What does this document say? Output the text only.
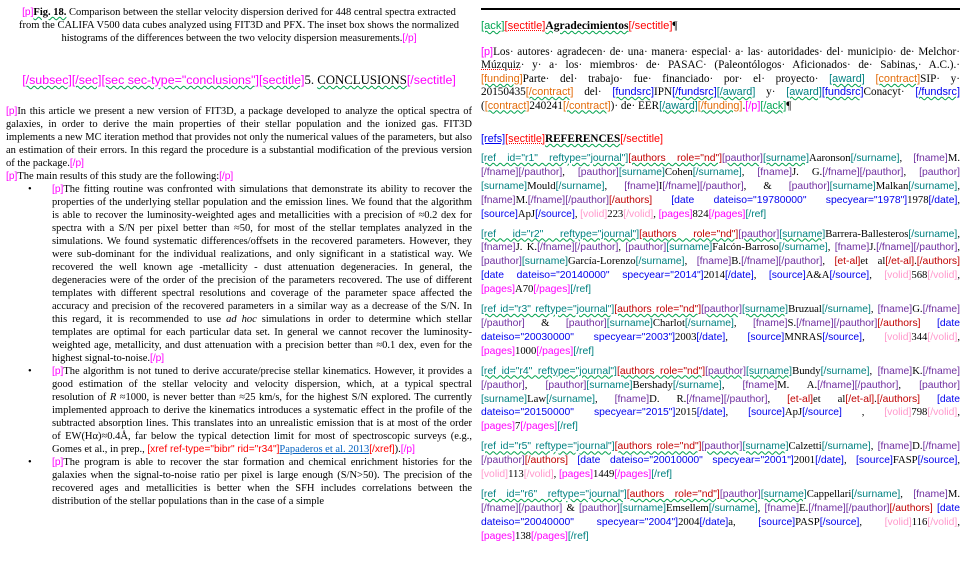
[p]Fig. 18. Comparison between the stellar velocity dispersion derived for 448 central spectra extracted from the CALIFA V500 data cubes analyzed using FIT3D and PFX. The inset box shows the normalized histograms of the differences between the two velocity dispersion measurements.[/p]

[/subsec][/sec][sec sec-type="conclusions"][sectitle]5. CONCLUSIONS[/sectitle]

[p]In this article we present a new version of FIT3D, a package developed to analyze the optical spectra of galaxies, in order to derive the main properties of their stellar population and the ionized gas. FIT3D implements a new MC iteration method that provides not only the numerical values of the parameters, but also an estimation of their errors. In this regard the procedure is a substantial modification of the previous version of the package.[/p]

[p]The main results of this study are the following:[/p]

•	[p]The fitting routine was confronted with simulations that demonstrate its ability to recover the properties of the underlying stellar population and the emission lines. We found that the algorithm is able to recover the luminosity-weighted ages and metallicities with a precision of ≈0.2 dex for spectra with a S/N per pixel better than ≈50, for most of the stellar templates analyzed in the simulations. We found systematic differences/offsets in the recovered parameters. However, they were sub-dominant for the individual realizations, and only significant in a statistical way. We recovered the well known age -metallicity - dust attenuation degeneracies. In general, the degeneracies were of the order of the precision of the parameters recovered. The use of different templates with different spectral resolutions and coverage of the parameter space affected the accuracy and precision of the recovered parameters in a similar way as a decrease of the S/N. In this regard, it is recommended to use ad hoc simulations in order to determine which stellar templates are optimal for each particular data set. In general we cannot recover the luminosity-weighted age, metallicity, and dust attenuation with a precision better than ≈0.1 dex, even for the highest signal-to-noise.[/p]

•	[p]The algorithm is not tuned to derive accurate/precise stellar kinematics. However, it provides a good estimation of the stellar velocity and velocity dispersion, which, at a typical spectral resolution of R ≈1000, is never better than ≈25 km/s, for the highest S/N explored. The currently implemented approach to derive the kinematics introduces a systematic effect in the profile of the subtracted absorption lines. This translates into an unrealistic emission that is at most of the order of EW(Hα)≈0.4Å, far below the typical detection limit for most of spectroscopic surveys (e.g., Gomes et al., in prep., [xref ref-type="bibr" rid="r34"]Papaderos et al. 2013[/xref]).[/p]

•	[p]The program is able to recover the star formation and chemical enrichment histories for the galaxies when the signal-to-noise ratio per pixel is large enough (S/N>50). The precision of the recovered ages and metallicities is better when the SFH includes correlations between the distribution of the stellar populations than in the case of a simple

[ack][sectitle]Agradecimientos[/sectitle]¶

[p]Los· autores· agradecen· de· una· manera· especial· a· las· autoridades· del· municipio· de· Melchor· Múzquiz· y· a· los· miembros· de· PASAC· (Paleontólogos· Aficionados· de· Sabinas,· A.C.).· [funding]Parte· del· trabajo· fue· financiado· por· el· proyecto· [award] [contract]SIP· y· 20150435[/contract] del· [fundsrc]IPN[/fundsrc][/award] y· [award][fundsrc]Conacyt· [/fundsrc]([contract]240241[/contract])· de· EER[/award][/funding].[/p][/ack]¶

[refs][sectitle]REFERENCES[/sectitle]

[ref id="r1" reftype="journal"][authors role="nd"][pauthor][surname]Aaronson[/surname], [fname]M.[/fname][/pauthor], [pauthor][surname]Cohen[/surname], [fname]J. G.[/fname][/pauthor], [pauthor][surname]Mould[/surname], [fname]I[/fname][/pauthor], & [pauthor][surname]Malkan[/surname], [fname]M.[/fname][/pauthor][/authors] [date dateiso="19780000" specyear="1978"]1978[/date], [source]ApJ[/source], [volid]223[/volid], [pages]824[/pages][/ref]

[ref id="r2" reftype="journal"][authors role="nd"][pauthor][surname]Barrera-Ballesteros[/surname], [fname]J. K.[/fname][/pauthor], [pauthor][surname]Falcón-Barroso[/surname], [fname]J.[/fname][/pauthor], [pauthor][surname]García-Lorenzo[/surname], [fname]B.[/fname][/pauthor], [et-al]et al[/et-al].[/authors] [date dateiso="20140000" specyear="2014"]2014[/date], [source]A&A[/source], [volid]568[/volid], [pages]A70[/pages][/ref]

[ref id="r3" reftype="journal"][authors role="nd"][pauthor][surname]Bruzual[/surname], [fname]G.[/fname][/pauthor] & [pauthor][surname]Charlot[/surname], [fname]S.[/fname][/pauthor][/authors] [date dateiso="20030000" specyear="2003"]2003[/date], [source]MNRAS[/source], [volid]344[/volid], [pages]1000[/pages][/ref]

[ref id="r4" reftype="journal"][authors role="nd"][pauthor][surname]Bundy[/surname], [fname]K.[/fname][/pauthor], [pauthor][surname]Bershady[/surname], [fname]M. A.[/fname][/pauthor], [pauthor][surname]Law[/surname], [fname]D. R.[/fname][/pauthor], [et-al]et al[/et-al].[/authors] [date dateiso="20150000" specyear="2015"]2015[/date], [source]ApJ[/source] , [volid]798[/volid], [pages]7[/pages][/ref]

[ref id="r5" reftype="journal"][authors role="nd"][pauthor][surname]Calzetti[/surname], [fname]D.[/fname][/pauthor][/authors] [date dateiso="20010000" specyear="2001"]2001[/date], [source]FASP[/source], [volid]113[/volid], [pages]1449[/pages][/ref]

[ref id="r6" reftype="journal"][authors role="nd"][pauthor][surname]Cappellari[/surname], [fname]M.[/fname][/pauthor] & [pauthor][surname]Emsellem[/surname], [fname]E.[/fname][/pauthor][/authors] [date dateiso="20040000" specyear="2004"]2004[/date]a, [source]PASP[/source], [volid]116[/volid], [pages]138[/pages][/ref]
